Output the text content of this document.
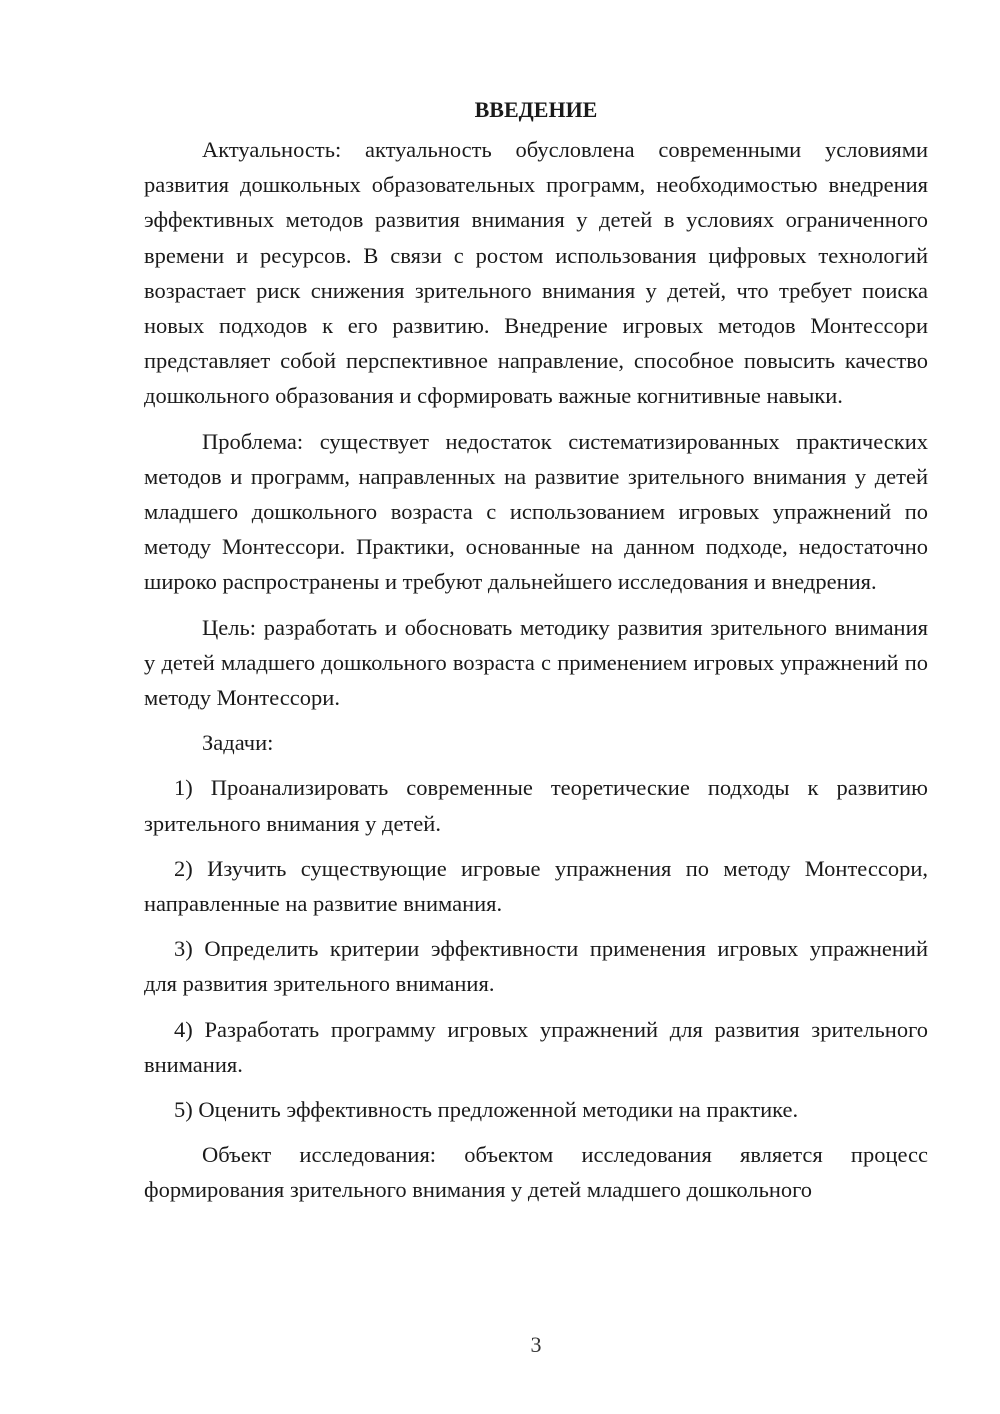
ВВЕДЕНИЕ

Актуальность: актуальность обусловлена современными условиями развития дошкольных образовательных программ, необходимостью внедрения эффективных методов развития внимания у детей в условиях ограниченного времени и ресурсов. В связи с ростом использования цифровых технологий возрастает риск снижения зрительного внимания у детей, что требует поиска новых подходов к его развитию. Внедрение игровых методов Монтессори представляет собой перспективное направление, способное повысить качество дошкольного образования и сформировать важные когнитивные навыки.

Проблема: существует недостаток систематизированных практических методов и программ, направленных на развитие зрительного внимания у детей младшего дошкольного возраста с использованием игровых упражнений по методу Монтессори. Практики, основанные на данном подходе, недостаточно широко распространены и требуют дальнейшего исследования и внедрения.

Цель: разработать и обосновать методику развития зрительного внимания у детей младшего дошкольного возраста с применением игровых упражнений по методу Монтессори.

Задачи:

1) Проанализировать современные теоретические подходы к развитию зрительного внимания у детей.

2) Изучить существующие игровые упражнения по методу Монтессори, направленные на развитие внимания.

3) Определить критерии эффективности применения игровых упражнений для развития зрительного внимания.

4) Разработать программу игровых упражнений для развития зрительного внимания.

5) Оценить эффективность предложенной методики на практике.

Объект исследования: объектом исследования является процесс формирования зрительного внимания у детей младшего дошкольного

3
